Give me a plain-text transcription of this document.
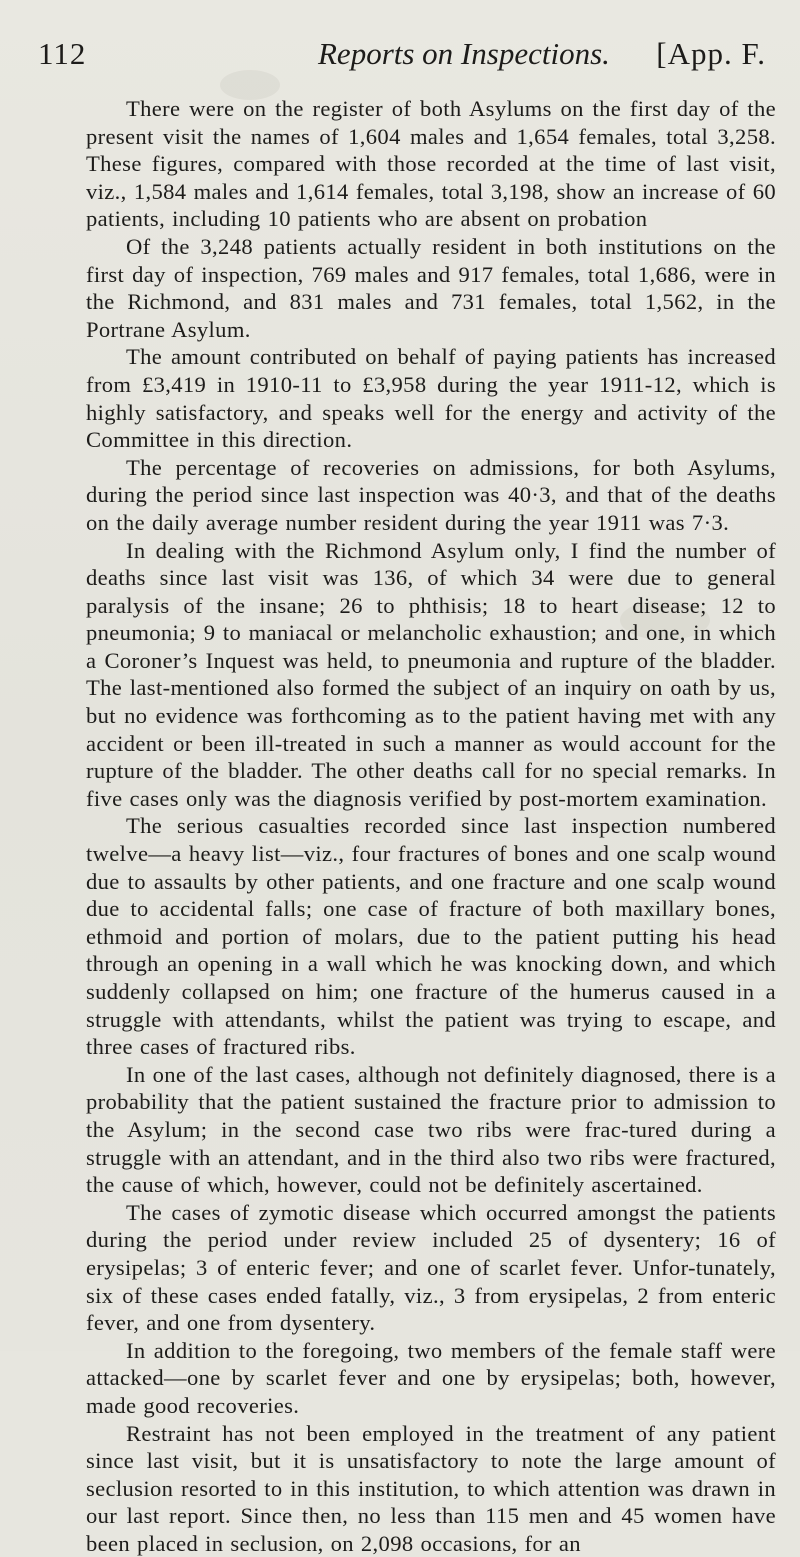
112	Reports on Inspections. [App. F.

There were on the register of both Asylums on the first day of the present visit the names of 1,604 males and 1,654 females, total 3,258. These figures, compared with those recorded at the time of last visit, viz., 1,584 males and 1,614 females, total 3,198, show an increase of 60 patients, including 10 patients who are absent on probation

Of the 3,248 patients actually resident in both institutions on the first day of inspection, 769 males and 917 females, total 1,686, were in the Richmond, and 831 males and 731 females, total 1,562, in the Portrane Asylum.

The amount contributed on behalf of paying patients has increased from £3,419 in 1910-11 to £3,958 during the year 1911-12, which is highly satisfactory, and speaks well for the energy and activity of the Committee in this direction.

The percentage of recoveries on admissions, for both Asylums, during the period since last inspection was 40·3, and that of the deaths on the daily average number resident during the year 1911 was 7·3.

In dealing with the Richmond Asylum only, I find the number of deaths since last visit was 136, of which 34 were due to general paralysis of the insane; 26 to phthisis; 18 to heart disease; 12 to pneumonia; 9 to maniacal or melancholic exhaustion; and one, in which a Coroner’s Inquest was held, to pneumonia and rupture of the bladder. The last-mentioned also formed the subject of an inquiry on oath by us, but no evidence was forthcoming as to the patient having met with any accident or been ill-treated in such a manner as would account for the rupture of the bladder. The other deaths call for no special remarks. In five cases only was the diagnosis verified by post-mortem examination.

The serious casualties recorded since last inspection numbered twelve—a heavy list—viz., four fractures of bones and one scalp wound due to assaults by other patients, and one fracture and one scalp wound due to accidental falls; one case of fracture of both maxillary bones, ethmoid and portion of molars, due to the patient putting his head through an opening in a wall which he was knocking down, and which suddenly collapsed on him; one fracture of the humerus caused in a struggle with attendants, whilst the patient was trying to escape, and three cases of fractured ribs.

In one of the last cases, although not definitely diagnosed, there is a probability that the patient sustained the fracture prior to admission to the Asylum; in the second case two ribs were frac-tured during a struggle with an attendant, and in the third also two ribs were fractured, the cause of which, however, could not be definitely ascertained.

The cases of zymotic disease which occurred amongst the patients during the period under review included 25 of dysentery; 16 of erysipelas; 3 of enteric fever; and one of scarlet fever. Unfor-tunately, six of these cases ended fatally, viz., 3 from erysipelas, 2 from enteric fever, and one from dysentery.

In addition to the foregoing, two members of the female staff were attacked—one by scarlet fever and one by erysipelas; both, however, made good recoveries.

Restraint has not been employed in the treatment of any patient since last visit, but it is unsatisfactory to note the large amount of seclusion resorted to in this institution, to which attention was drawn in our last report. Since then, no less than 115 men and 45 women have been placed in seclusion, on 2,098 occasions, for an
